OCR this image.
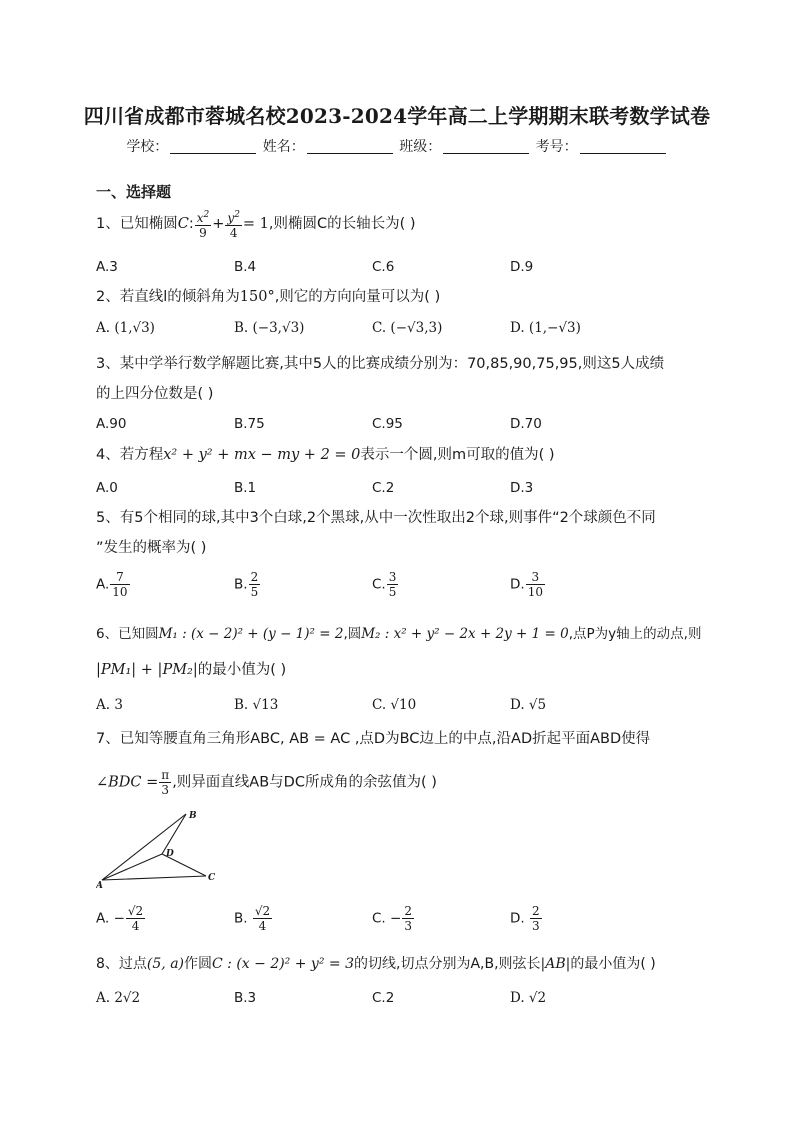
四川省成都市蓉城名校2023-2024学年高二上学期期末联考数学试卷
学校：	姓名：	班级：	考号：
一、选择题
1、已知椭圆C: $\frac{x^2}{9} + \frac{y^2}{4} = 1$,则椭圆C的长轴长为( )
A.3	B.4	C.6	D.9
2、若直线l的倾斜角为150°,则它的方向向量可以为( )
A. (1,√3)	B. (−3,√3)	C. (−√3,3)	D. (1,−√3)
3、某中学举行数学解题比赛,其中5人的比赛成绩分别为：70,85,90,75,95,则这5人成绩
的上四分位数是( )
A.90	B.75	C.95	D.70
4、若方程x² + y² + mx − my + 2 = 0表示一个圆,则m可取的值为( )
A.0	B.1	C.2	D.3
5、有5个相同的球,其中3个白球,2个黑球,从中一次性取出2个球,则事件“2个球颜色不同
”发生的概率为( )
A. $\frac{7}{10}$	B. $\frac{2}{5}$	C. $\frac{3}{5}$	D. $\frac{3}{10}$
6、已知圆M₁ : (x − 2)² + (y − 1)² = 2,圆M₂ : x² + y² − 2x + 2y + 1 = 0,点P为y轴上的动点,则
|PM₁| + |PM₂|的最小值为( )
A. 3	B. √13	C. √10	D. √5
7、已知等腰直角三角形ABC, AB = AC ,点D为BC边上的中点,沿AD折起平面ABD使得
∠BDC = $\frac{\pi}{3}$ ,则异面直线AB与DC所成角的余弦值为( )
A
B
C
D
A. − $\frac{√2}{4}$	B. $\frac{√2}{4}$	C. − $\frac{2}{3}$	D. $\frac{2}{3}$
8、过点(5, a)作圆C : (x − 2)² + y² = 3的切线,切点分别为A,B,则弦长|AB|的最小值为( )
A. 2√2	B.3	C.2	D. √2
